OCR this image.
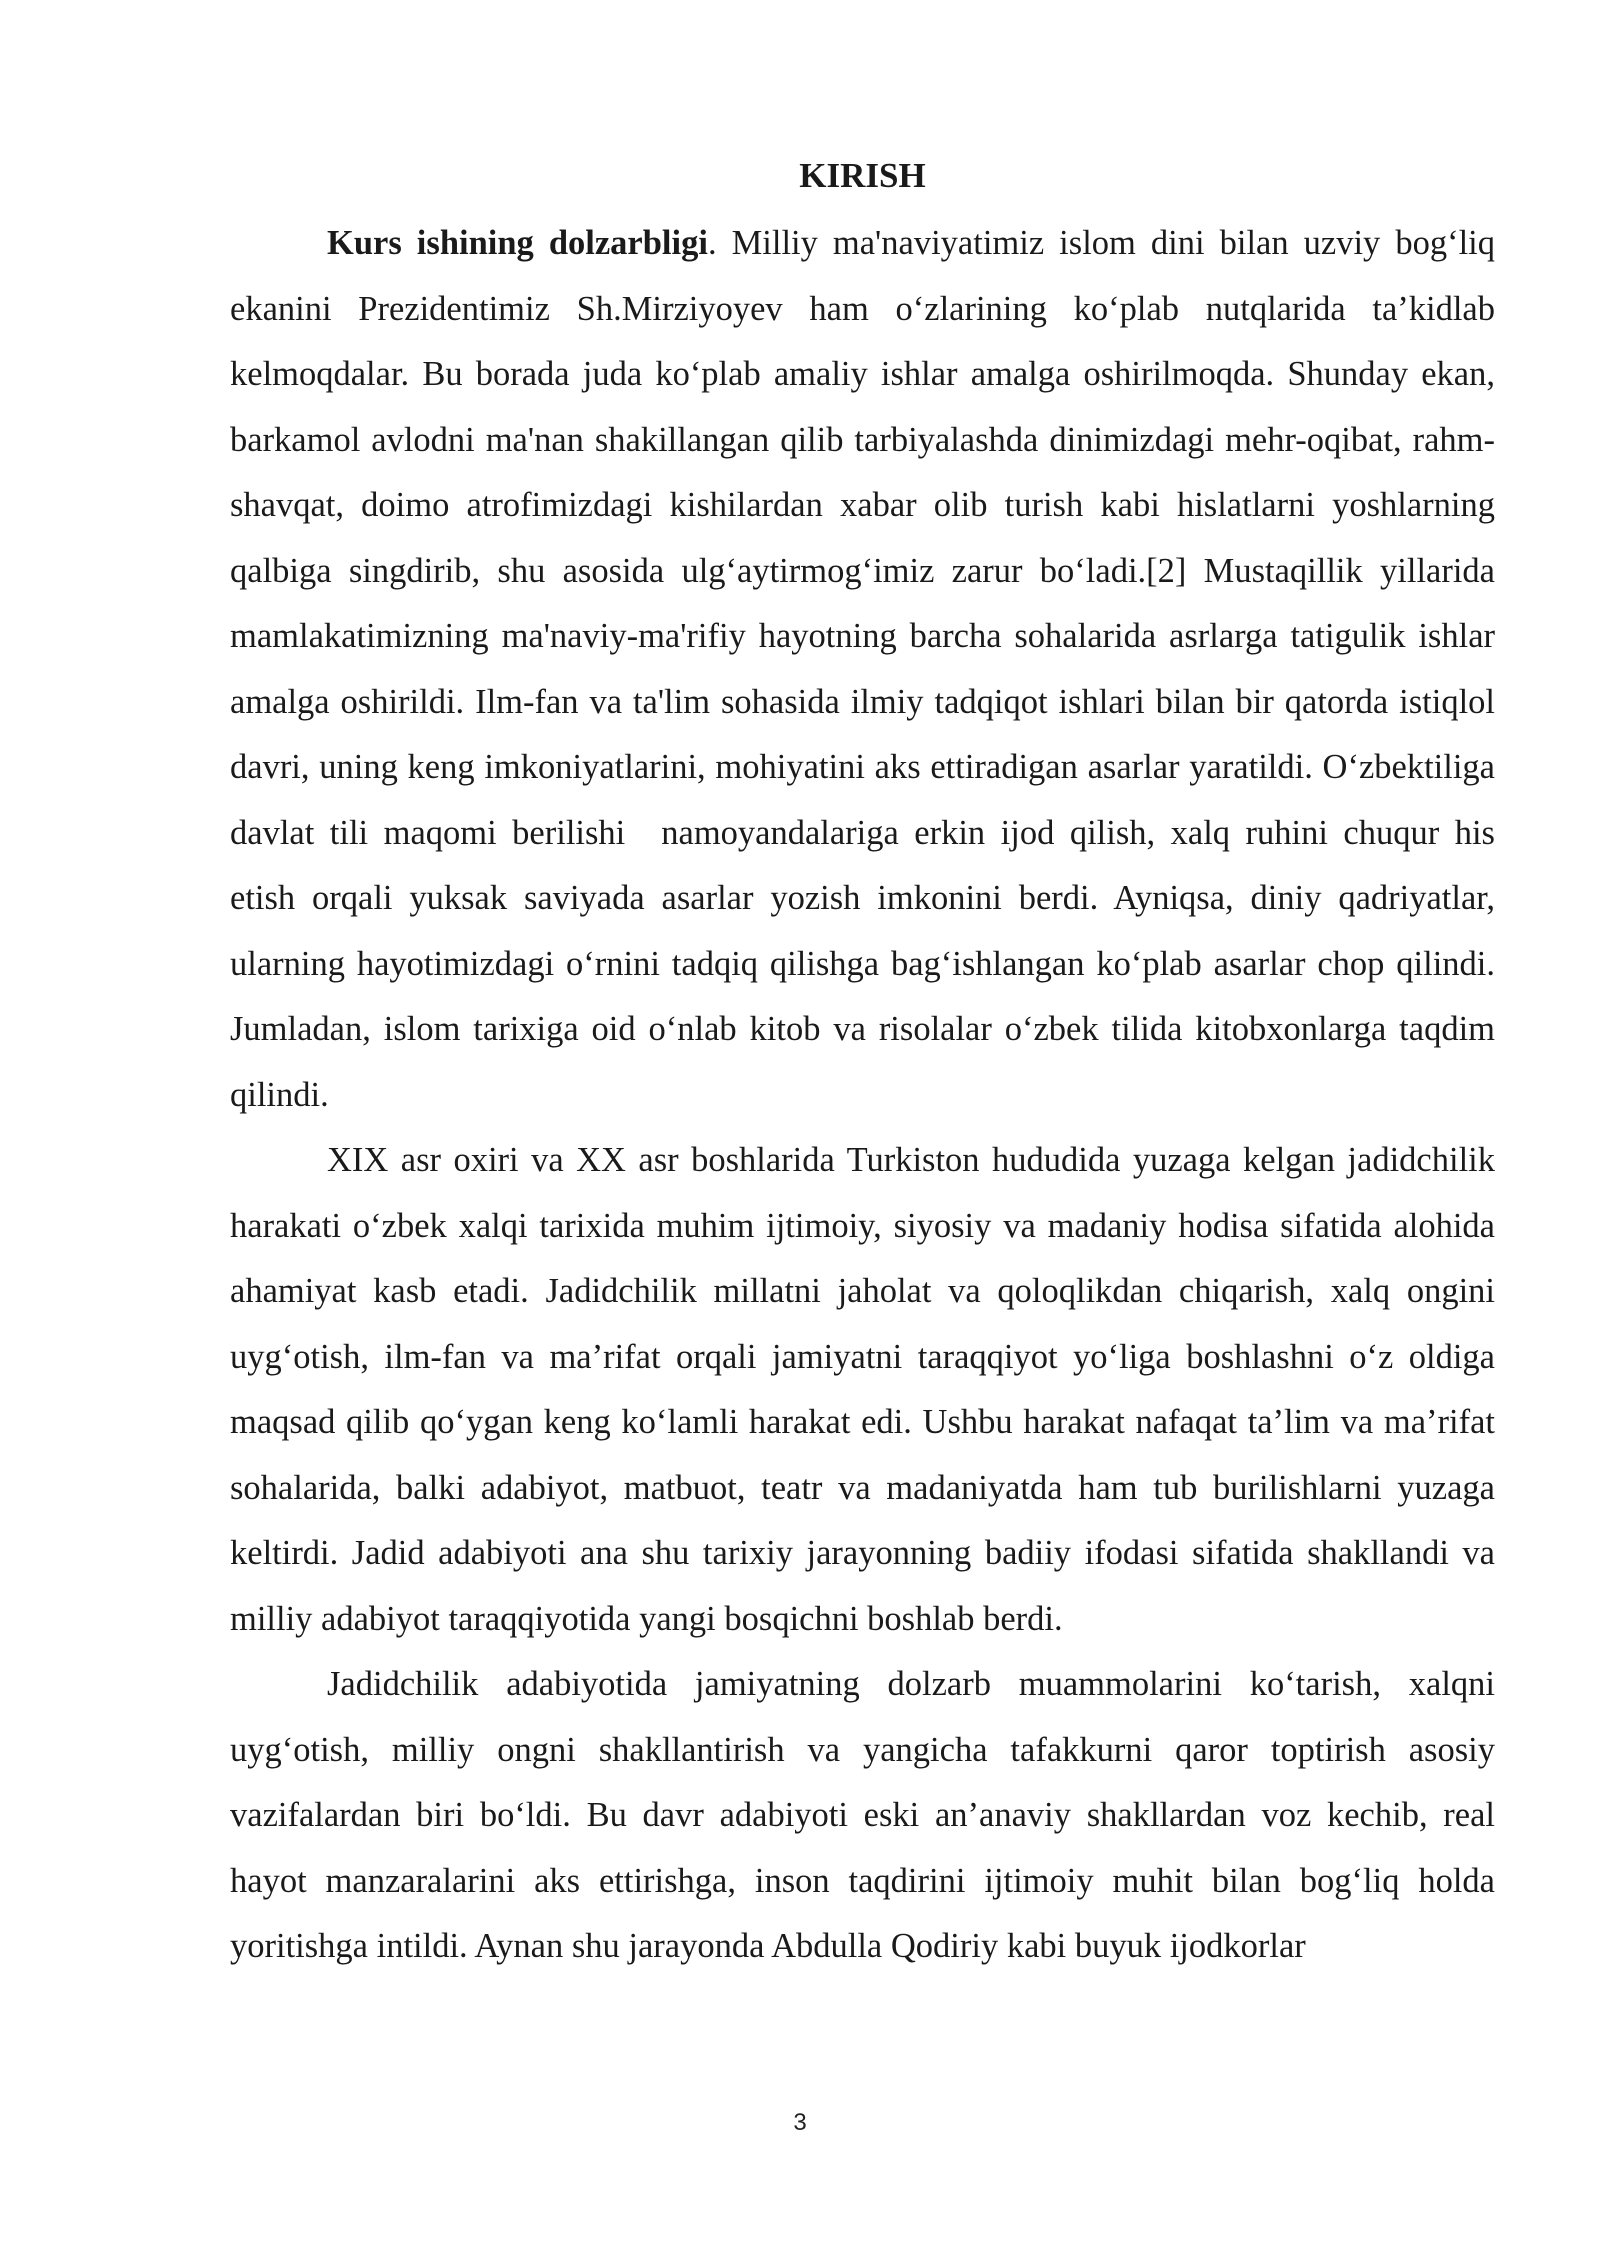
KIRISH

Kurs ishining dolzarbligi. Milliy ma'naviyatimiz islom dini bilan uzviy bog‘liq ekanini Prezidentimiz Sh.Mirziyoyev ham o‘zlarining ko‘plab nutqlarida ta’kidlab kelmoqdalar. Bu borada juda ko‘plab amaliy ishlar amalga oshirilmoqda. Shunday ekan, barkamol avlodni ma'nan shakillangan qilib tarbiyalashda dinimizdagi mehr-oqibat, rahm-shavqat, doimo atrofimizdagi kishilardan xabar olib turish kabi hislatlarni yoshlarning qalbiga singdirib, shu asosida ulg‘aytirmog‘imiz zarur bo‘ladi.[2] Mustaqillik yillarida mamlakatimizning ma'naviy-ma'rifiy hayotning barcha sohalarida asrlarga tatigulik ishlar amalga oshirildi. Ilm-fan va ta'lim sohasida ilmiy tadqiqot ishlari bilan bir qatorda istiqlol davri, uning keng imkoniyatlarini, mohiyatini aks ettiradigan asarlar yaratildi. O‘zbektiliga davlat tili maqomi berilishi namoyandalariga erkin ijod qilish, xalq ruhini chuqur his etish orqali yuksak saviyada asarlar yozish imkonini berdi. Ayniqsa, diniy qadriyatlar, ularning hayotimizdagi o‘rnini tadqiq qilishga bag‘ishlangan ko‘plab asarlar chop qilindi. Jumladan, islom tarixiga oid o‘nlab kitob va risolalar o‘zbek tilida kitobxonlarga taqdim qilindi.

XIX asr oxiri va XX asr boshlarida Turkiston hududida yuzaga kelgan jadidchilik harakati o‘zbek xalqi tarixida muhim ijtimoiy, siyosiy va madaniy hodisa sifatida alohida ahamiyat kasb etadi. Jadidchilik millatni jaholat va qoloqlikdan chiqarish, xalq ongini uyg‘otish, ilm-fan va ma’rifat orqali jamiyatni taraqqiyot yo‘liga boshlashni o‘z oldiga maqsad qilib qo‘ygan keng ko‘lamli harakat edi. Ushbu harakat nafaqat ta’lim va ma’rifat sohalarida, balki adabiyot, matbuot, teatr va madaniyatda ham tub burilishlarni yuzaga keltirdi. Jadid adabiyoti ana shu tarixiy jarayonning badiiy ifodasi sifatida shakllandi va milliy adabiyot taraqqiyotida yangi bosqichni boshlab berdi.

Jadidchilik adabiyotida jamiyatning dolzarb muammolarini ko‘tarish, xalqni uyg‘otish, milliy ongni shakllantirish va yangicha tafakkurni qaror toptirish asosiy vazifalardan biri bo‘ldi. Bu davr adabiyoti eski an’anaviy shakllardan voz kechib, real hayot manzaralarini aks ettirishga, inson taqdirini ijtimoiy muhit bilan bog‘liq holda yoritishga intildi. Aynan shu jarayonda Abdulla Qodiriy kabi buyuk ijodkorlar

3
